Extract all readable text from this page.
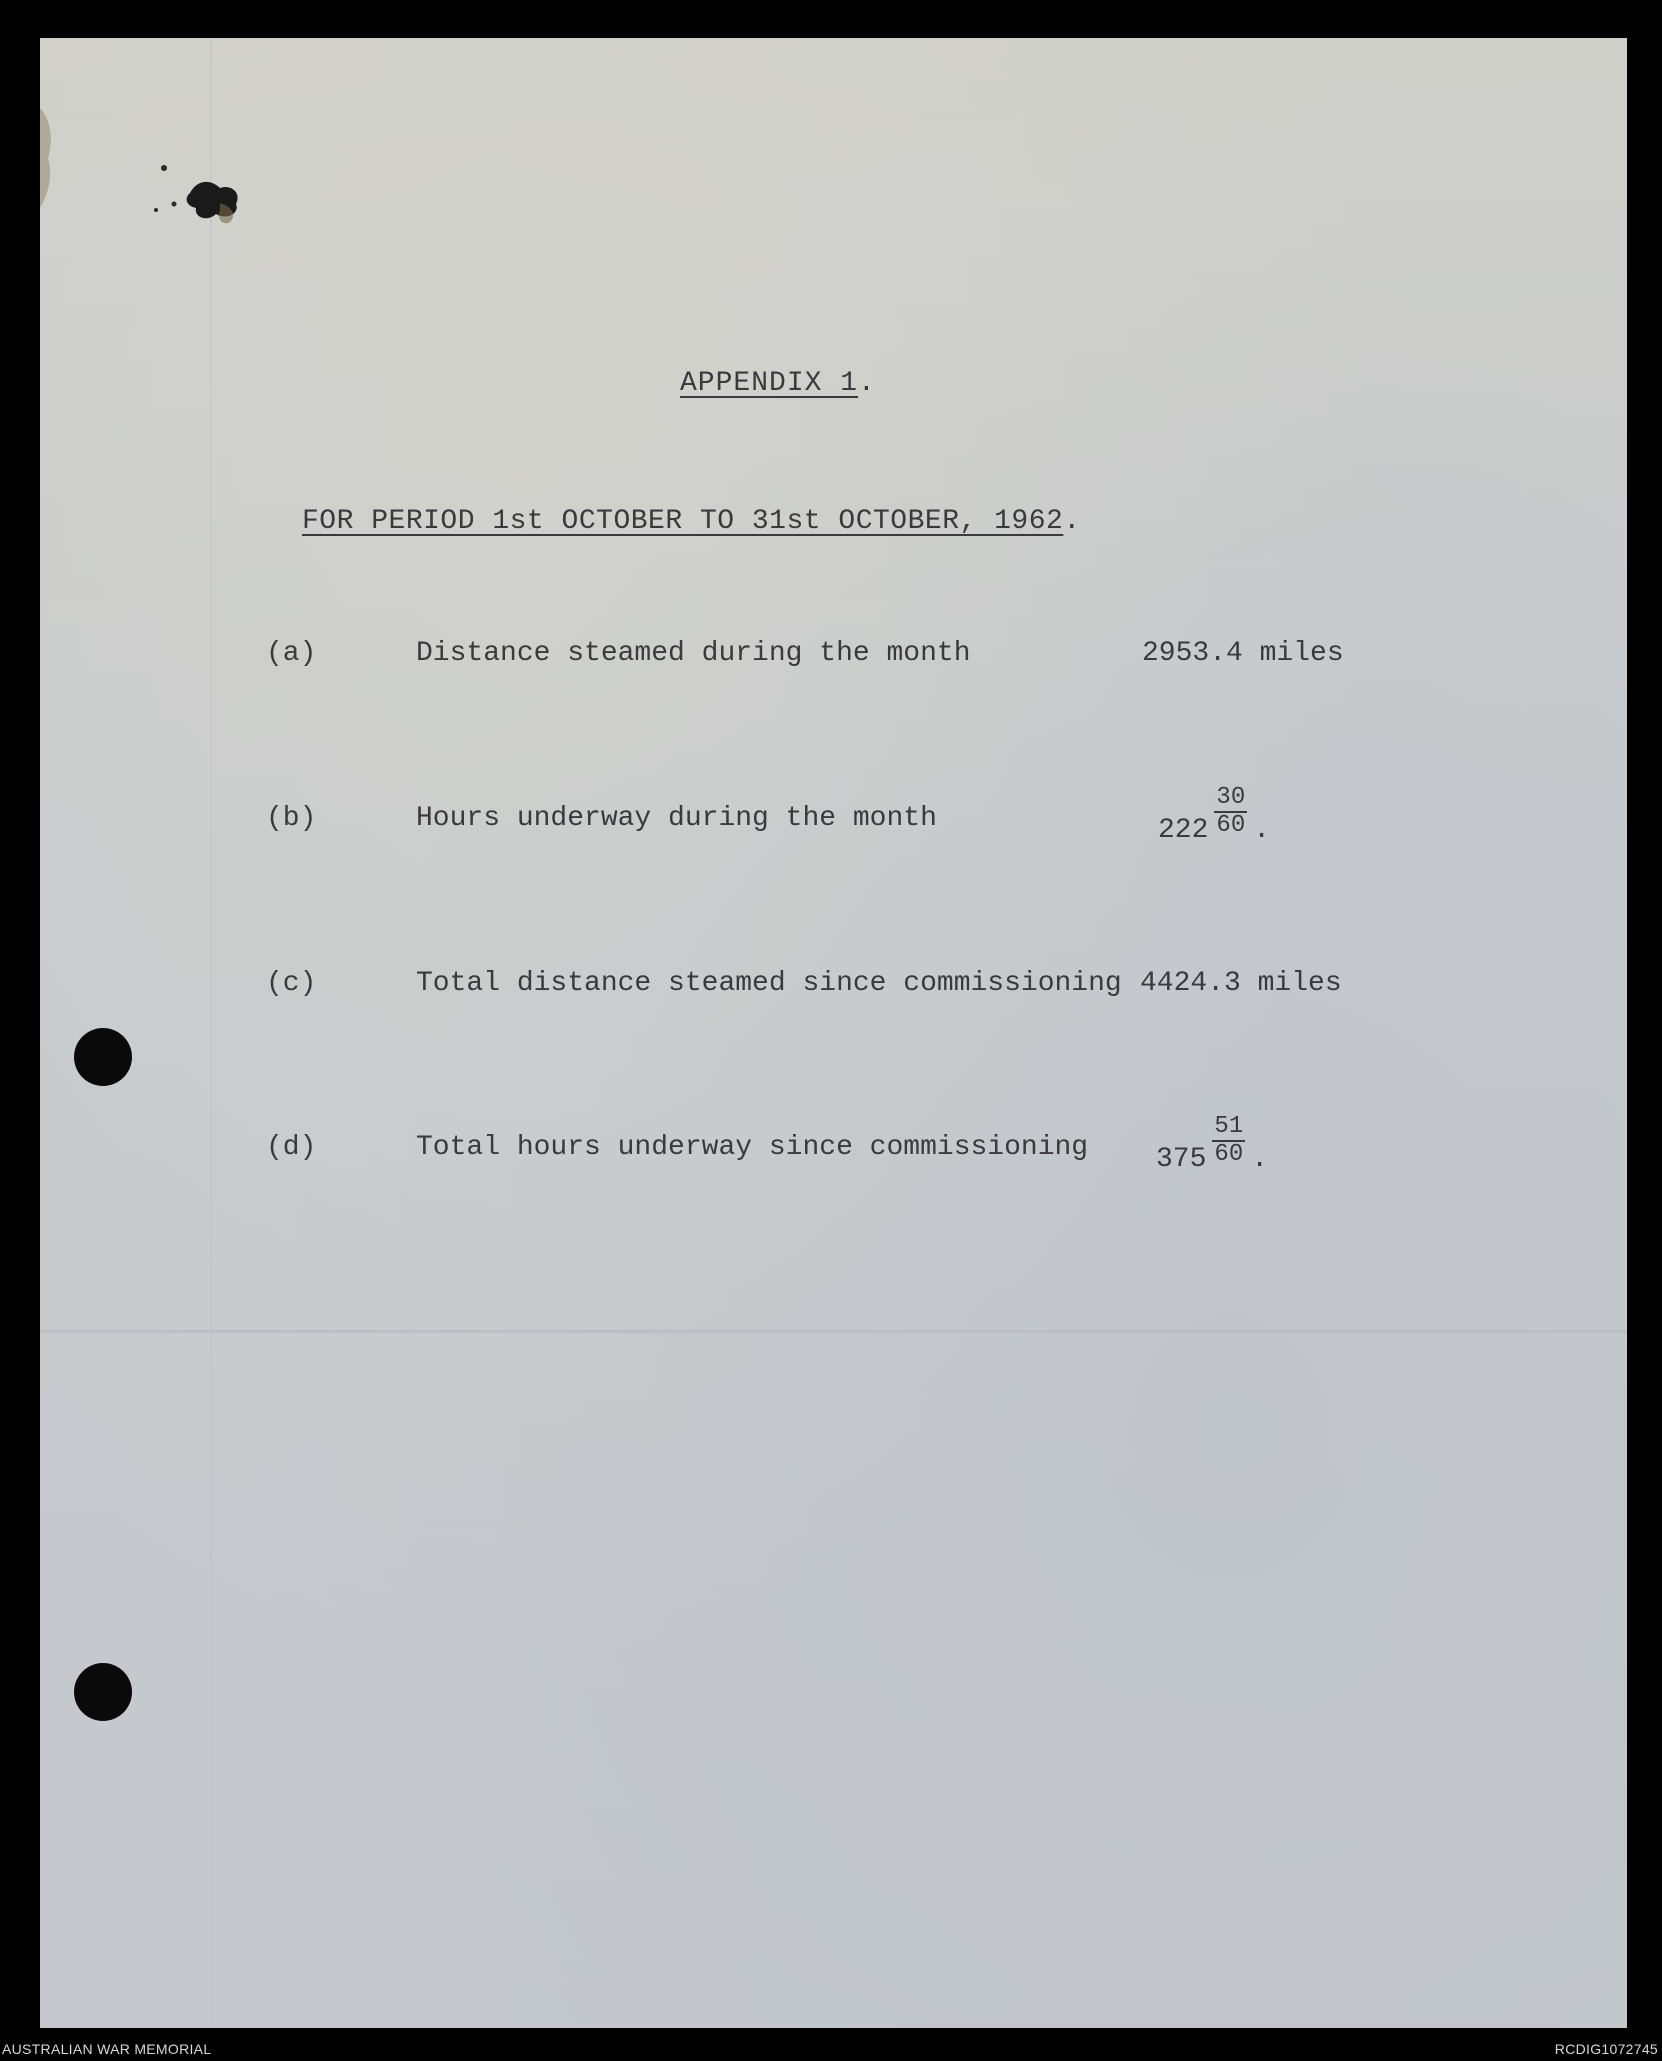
APPENDIX 1.
FOR PERIOD 1st OCTOBER TO 31st OCTOBER, 1962.
(a)	Distance steamed during the month	2953.4 miles
(b)	Hours underway during the month	$222 \frac{30}{60}$ .
(c)	Total distance steamed since commissioning 4424.3 miles
(d)	Total hours underway since commissioning $375 \frac{51}{60}$ .
AUSTRALIAN WAR MEMORIAL	RCDIG1072745
